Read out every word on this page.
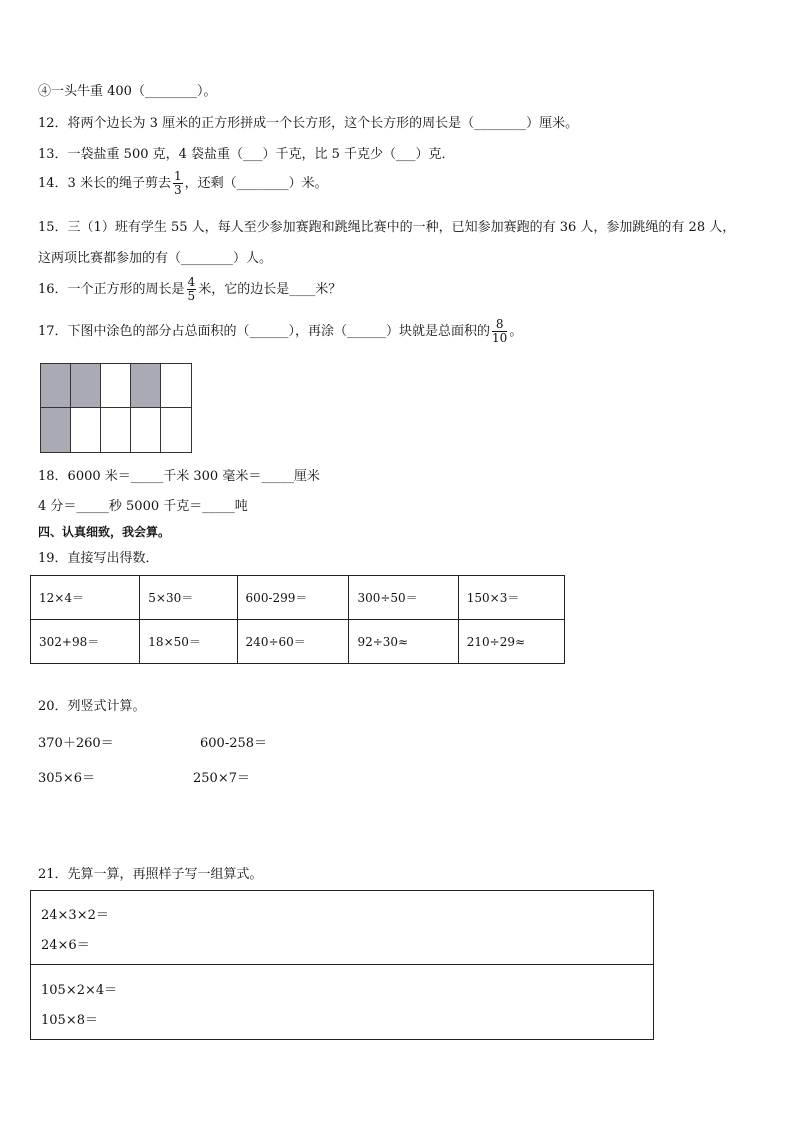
④一头牛重 400（________）。
12．将两个边长为 3 厘米的正方形拼成一个长方形，这个长方形的周长是（________）厘米。
13．一袋盐重 500 克，4 袋盐重（___）千克，比 5 千克少（___）克．
14．3 米长的绳子剪去 $\frac{1}{3}$ ，还剩（________）米。
15．三（1）班有学生 55 人，每人至少参加赛跑和跳绳比赛中的一种，已知参加赛跑的有 36 人，参加跳绳的有 28 人，
这两项比赛都参加的有（________）人。
16．一个正方形的周长是 $\frac{4}{5}$ 米，它的边长是____米？
17．下图中涂色的部分占总面积的（______），再涂（______）块就是总面积的 $\frac{8}{10}$ 。
18．6000 米＝_____千米 300 毫米＝_____厘米
4 分＝_____秒 5000 千克＝_____吨
四、认真细致，我会算。
19．直接写出得数．
12×4＝	5×30＝	600-299＝	300÷50＝	150×3＝
302+98＝	18×50＝	240÷60＝	92÷30≈	210÷29≈
20．列竖式计算。
370＋260＝	600-258＝
305×6＝	250×7＝
21．先算一算，再照样子写一组算式。
24×3×2＝
24×6＝
105×2×4＝
105×8＝
